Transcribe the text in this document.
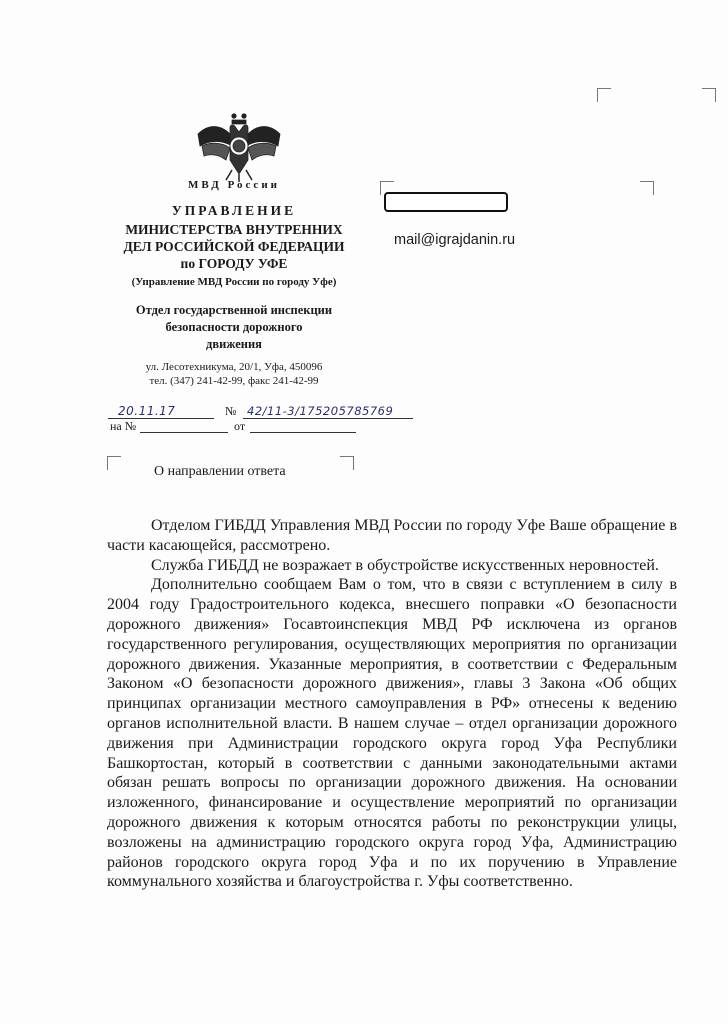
МВД России
УПРАВЛЕНИЕ
МИНИСТЕРСТВА ВНУТРЕННИХ
ДЕЛ РОССИЙСКОЙ ФЕДЕРАЦИИ
по ГОРОДУ УФЕ
(Управление МВД России по городу Уфе)
Отдел государственной инспекции
безопасности дорожного
движения
ул. Лесотехникума, 20/1, Уфа, 450096
тел. (347) 241-42-99, факс 241-42-99
20.11.17	№ 42/11-3/175205785769
на №	от
mail@igrajdanin.ru
О направлении ответа

Отделом ГИБДД Управления МВД России по городу Уфе Ваше обращение в части касающейся, рассмотрено.

Служба ГИБДД не возражает в обустройстве искусственных неровностей.

Дополнительно сообщаем Вам о том, что в связи с вступлением в силу в 2004 году Градостроительного кодекса, внесшего поправки «О безопасности дорожного движения» Госавтоинспекция МВД РФ исключена из органов государственного регулирования, осуществляющих мероприятия по организации дорожного движения. Указанные мероприятия, в соответствии с Федеральным Законом «О безопасности дорожного движения», главы 3 Закона «Об общих принципах организации местного самоуправления в РФ» отнесены к ведению органов исполнительной власти. В нашем случае – отдел организации дорожного движения при Администрации городского округа город Уфа Республики Башкортостан, который в соответствии с данными законодательными актами обязан решать вопросы по организации дорожного движения. На основании изложенного, финансирование и осуществление мероприятий по организации дорожного движения к которым относятся работы по реконструкции улицы, возложены на администрацию городского округа город Уфа, Администрацию районов городского округа город Уфа и по их поручению в Управление коммунального хозяйства и благоустройства г. Уфы соответственно.
